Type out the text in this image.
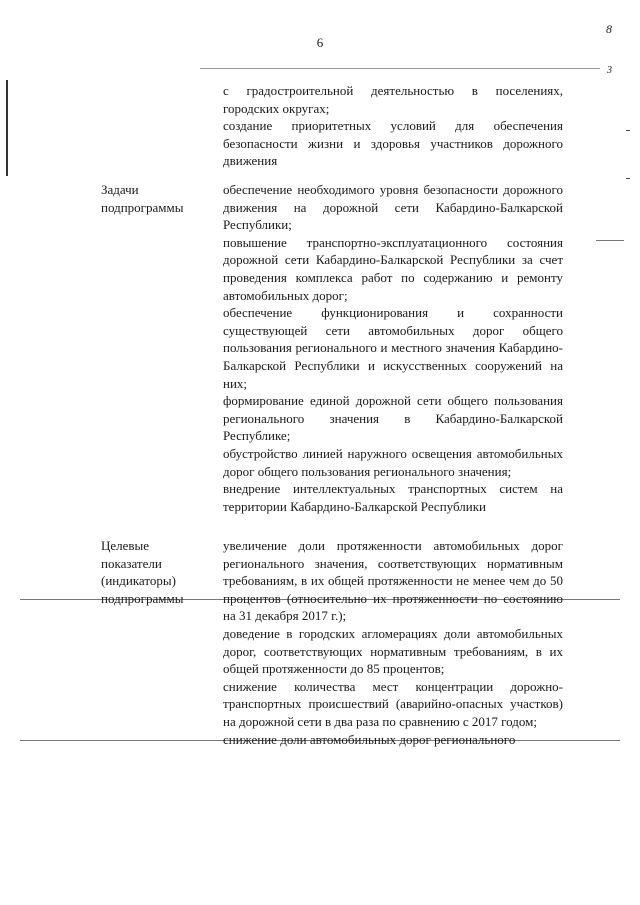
6
8
3

с градостроительной деятельностью в поселениях, городских округах;

создание приоритетных условий для обеспечения безопасности жизни и здоровья участников дорожного движения

Задачи

подпрограммы

обеспечение необходимого уровня безопасности дорожного движения на дорожной сети Кабардино-Балкарской Республики;

повышение транспортно-эксплуатационного состояния дорожной сети Кабардино-Балкарской Республики за счет проведения комплекса работ по содержанию и ремонту автомобильных дорог;

обеспечение функционирования и сохранности существующей сети автомобильных дорог общего пользования регионального и местного значения Кабардино-Балкарской Республики и искусственных сооружений на них;

формирование единой дорожной сети общего пользования регионального значения в Кабардино-Балкарской Республике;

обустройство линией наружного освещения автомобильных дорог общего пользования регионального значения;

внедрение интеллектуальных транспортных систем на территории Кабардино-Балкарской Республики

Целевые

показатели

(индикаторы)

подпрограммы

увеличение доли протяженности автомобильных дорог регионального значения, соответствующих нормативным требованиям, в их общей протяженности не менее чем до 50 процентов (относительно их протяженности по состоянию на 31 декабря 2017 г.);

доведение в городских агломерациях доли автомобильных дорог, соответствующих нормативным требованиям, в их общей протяженности до 85 процентов;

снижение количества мест концентрации дорожно-транспортных происшествий (аварийно-опасных участков) на дорожной сети в два раза по сравнению с 2017 годом;

снижение доли автомобильных дорог регионального
